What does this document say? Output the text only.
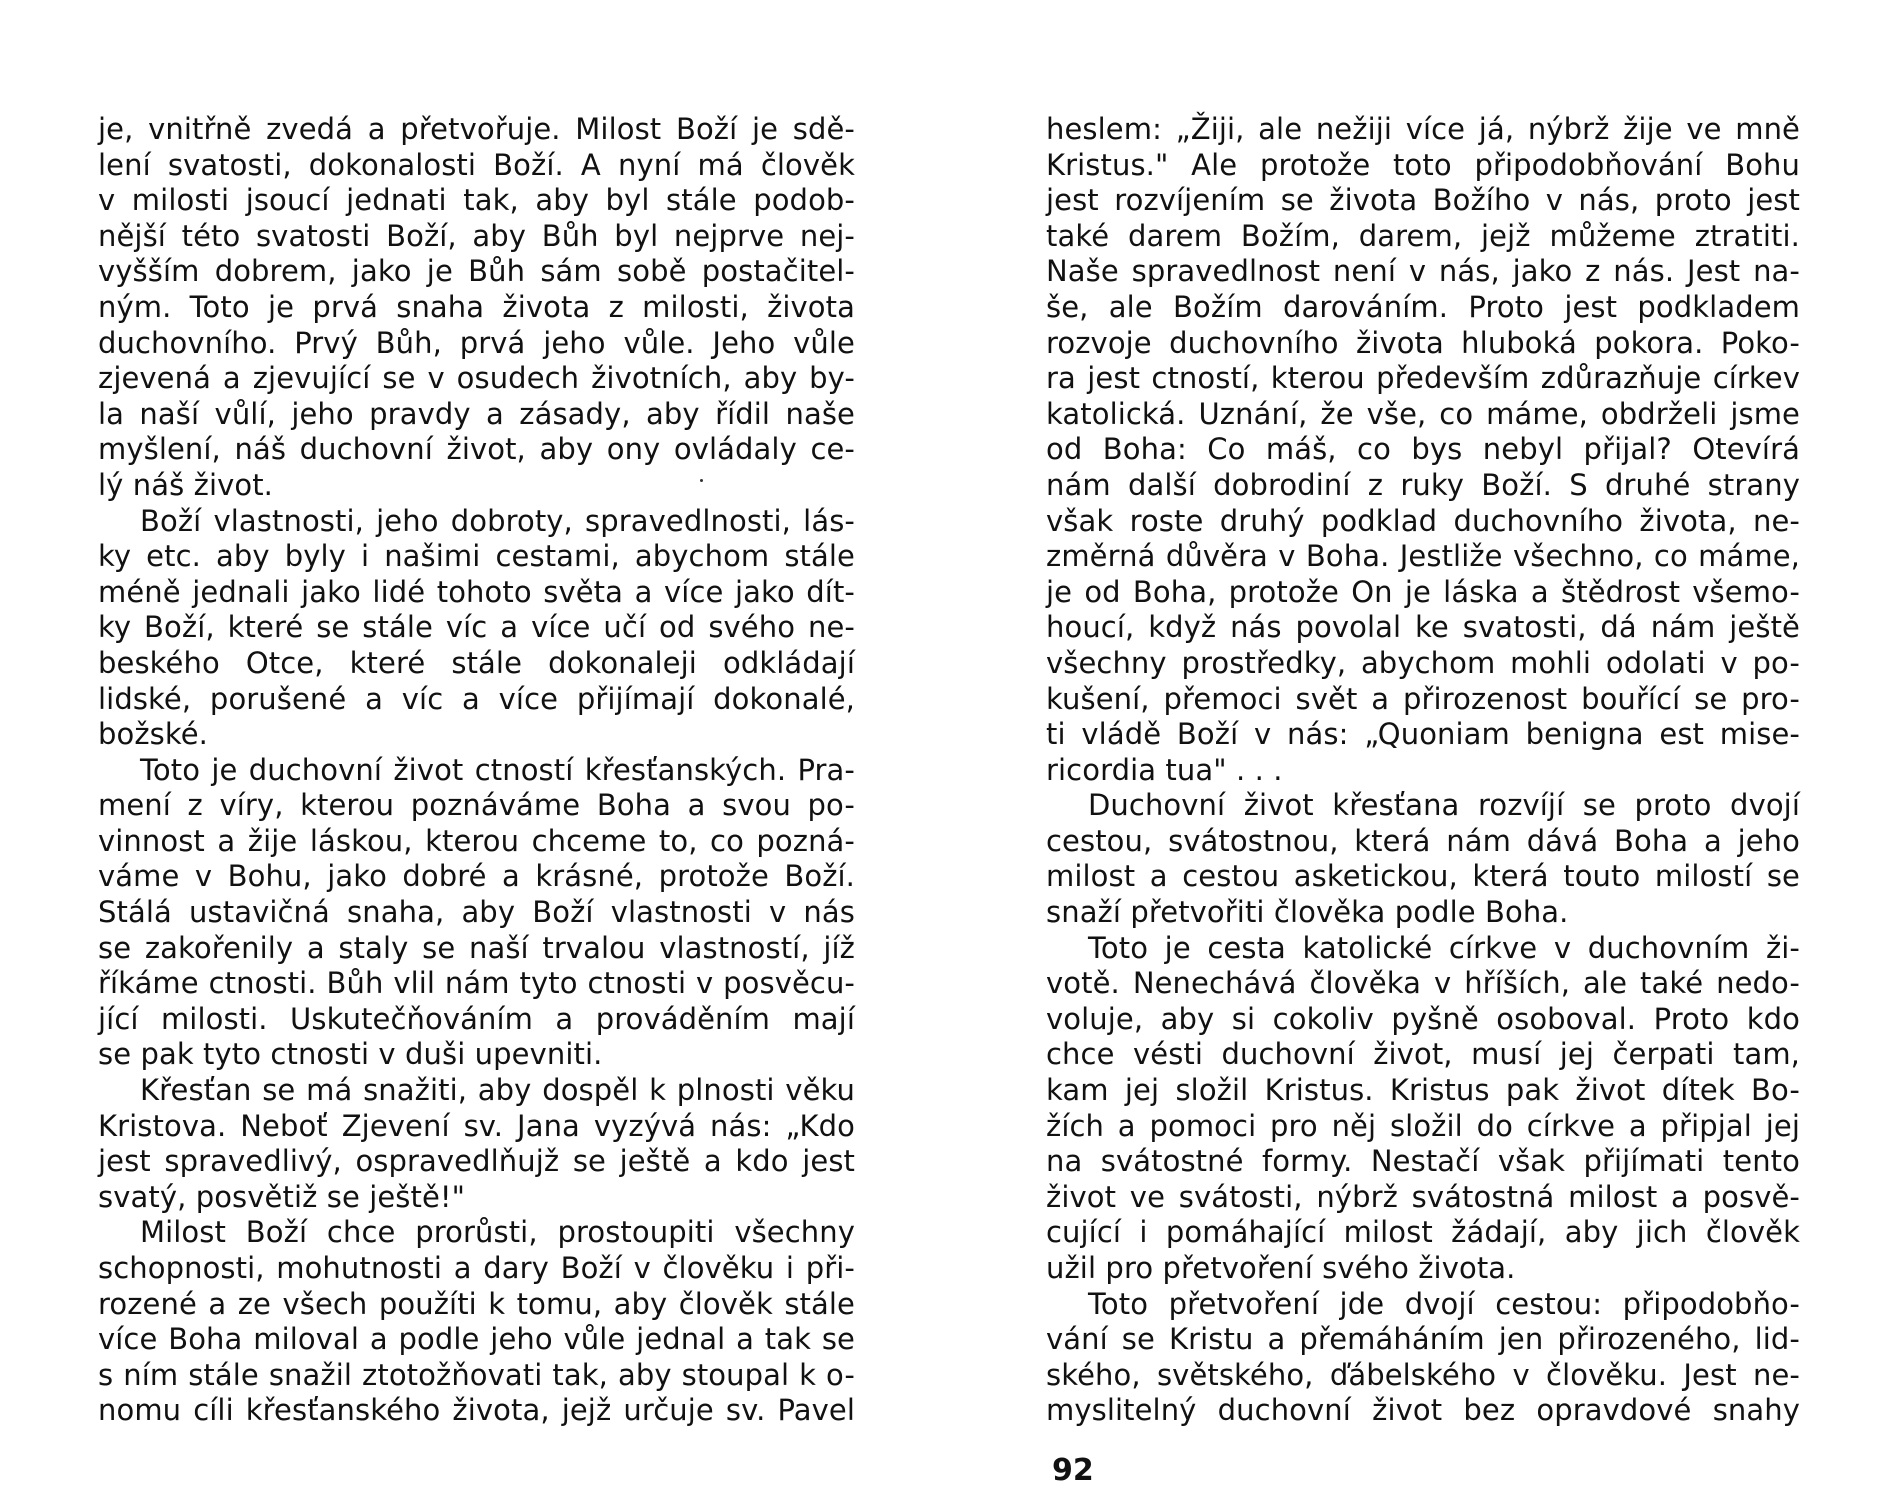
je, vnitřně zvedá a přetvořuje. Milost Boží je sdě-
lení svatosti, dokonalosti Boží. A nyní má člověk
v milosti jsoucí jednati tak, aby byl stále podob-
nější této svatosti Boží, aby Bůh byl nejprve nej-
vyšším dobrem, jako je Bůh sám sobě postačitel-
ným. Toto je prvá snaha života z milosti, života
duchovního. Prvý Bůh, prvá jeho vůle. Jeho vůle
zjevená a zjevující se v osudech životních, aby by-
la naší vůlí, jeho pravdy a zásady, aby řídil naše
myšlení, náš duchovní život, aby ony ovládaly ce-
lý náš život.
Boží vlastnosti, jeho dobroty, spravedlnosti, lás-
ky etc. aby byly i našimi cestami, abychom stále
méně jednali jako lidé tohoto světa a více jako dít-
ky Boží, které se stále víc a více učí od svého ne-
beského Otce, které stále dokonaleji odkládají
lidské, porušené a víc a více přijímají dokonalé,
božské.
Toto je duchovní život ctností křesťanských. Pra-
mení z víry, kterou poznáváme Boha a svou po-
vinnost a žije láskou, kterou chceme to, co pozná-
váme v Bohu, jako dobré a krásné, protože Boží.
Stálá ustavičná snaha, aby Boží vlastnosti v nás
se zakořenily a staly se naší trvalou vlastností, jíž
říkáme ctnosti. Bůh vlil nám tyto ctnosti v posvěcu-
jící milosti. Uskutečňováním a prováděním mají
se pak tyto ctnosti v duši upevniti.
Křesťan se má snažiti, aby dospěl k plnosti věku
Kristova. Neboť Zjevení sv. Jana vyzývá nás: „Kdo
jest spravedlivý, ospravedlňujž se ještě a kdo jest
svatý, posvětiž se ještě!"
Milost Boží chce prorůsti, prostoupiti všechny
schopnosti, mohutnosti a dary Boží v člověku i při-
rozené a ze všech použíti k tomu, aby člověk stále
více Boha miloval a podle jeho vůle jednal a tak se
s ním stále snažil ztotožňovati tak, aby stoupal k o-
nomu cíli křesťanského života, jejž určuje sv. Pavel
heslem: „Žiji, ale nežiji více já, nýbrž žije ve mně
Kristus." Ale protože toto připodobňování Bohu
jest rozvíjením se života Božího v nás, proto jest
také darem Božím, darem, jejž můžeme ztratiti.
Naše spravedlnost není v nás, jako z nás. Jest na-
še, ale Božím darováním. Proto jest podkladem
rozvoje duchovního života hluboká pokora. Poko-
ra jest ctností, kterou především zdůrazňuje církev
katolická. Uznání, že vše, co máme, obdrželi jsme
od Boha: Co máš, co bys nebyl přijal? Otevírá
nám další dobrodiní z ruky Boží. S druhé strany
však roste druhý podklad duchovního života, ne-
změrná důvěra v Boha. Jestliže všechno, co máme,
je od Boha, protože On je láska a štědrost všemo-
houcí, když nás povolal ke svatosti, dá nám ještě
všechny prostředky, abychom mohli odolati v po-
kušení, přemoci svět a přirozenost bouřící se pro-
ti vládě Boží v nás: „Quoniam benigna est mise-
ricordia tua" . . .
Duchovní život křesťana rozvíjí se proto dvojí
cestou, svátostnou, která nám dává Boha a jeho
milost a cestou asketickou, která touto milostí se
snaží přetvořiti člověka podle Boha.
Toto je cesta katolické církve v duchovním ži-
votě. Nenechává člověka v hříších, ale také nedo-
voluje, aby si cokoliv pyšně osoboval. Proto kdo
chce vésti duchovní život, musí jej čerpati tam,
kam jej složil Kristus. Kristus pak život dítek Bo-
žích a pomoci pro něj složil do církve a připjal jej
na svátostné formy. Nestačí však přijímati tento
život ve svátosti, nýbrž svátostná milost a posvě-
cující i pomáhající milost žádají, aby jich člověk
užil pro přetvoření svého života.
Toto přetvoření jde dvojí cestou: připodobňo-
vání se Kristu a přemáháním jen přirozeného, lid-
ského, světského, ďábelského v člověku. Jest ne-
myslitelný duchovní život bez opravdové snahy
92
